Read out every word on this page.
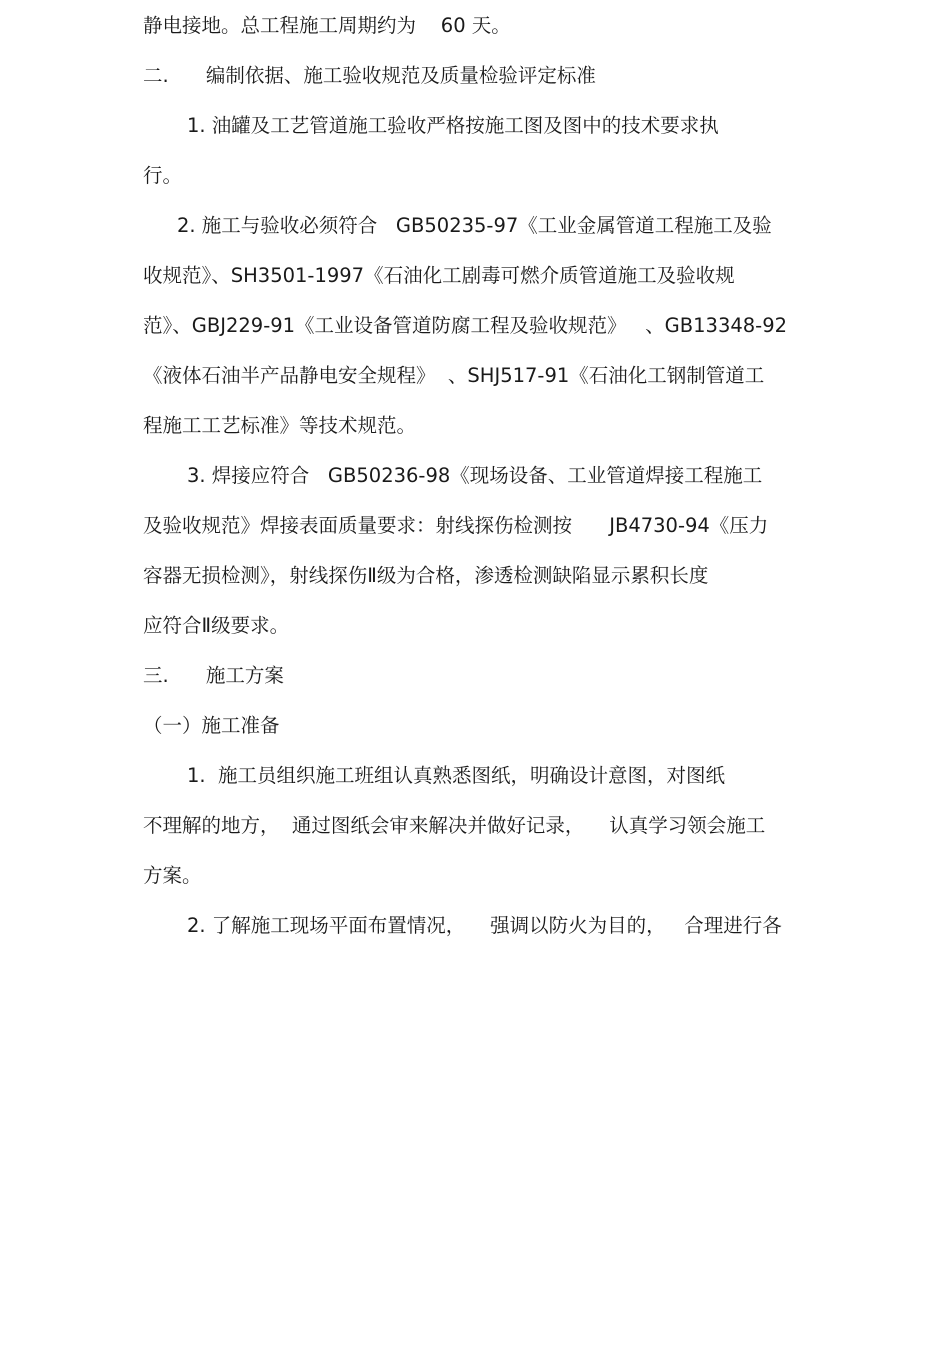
静电接地。总工程施工周期约为    60 天。
二.      编制依据、施工验收规范及质量检验评定标准
1. 油罐及工艺管道施工验收严格按施工图及图中的技术要求执
行。
2. 施工与验收必须符合   GB50235-97《工业金属管道工程施工及验
收规范》、SH3501-1997《石油化工剧毒可燃介质管道施工及验收规
范》、GBJ229-91《工业设备管道防腐工程及验收规范》   、GB13348-92
《液体石油半产品静电安全规程》  、SHJ517-91《石油化工钢制管道工
程施工工艺标准》等技术规范。
3. 焊接应符合   GB50236-98《现场设备、工业管道焊接工程施工
及验收规范》焊接表面质量要求：射线探伤检测按      JB4730-94《压力
容器无损检测》，射线探伤Ⅱ级为合格，渗透检测缺陷显示累积长度
应符合Ⅱ级要求。
三.      施工方案
（一）施工准备
1.  施工员组织施工班组认真熟悉图纸，明确设计意图，对图纸
不理解的地方，  通过图纸会审来解决并做好记录，    认真学习领会施工
方案。
2. 了解施工现场平面布置情况，    强调以防火为目的，   合理进行各
